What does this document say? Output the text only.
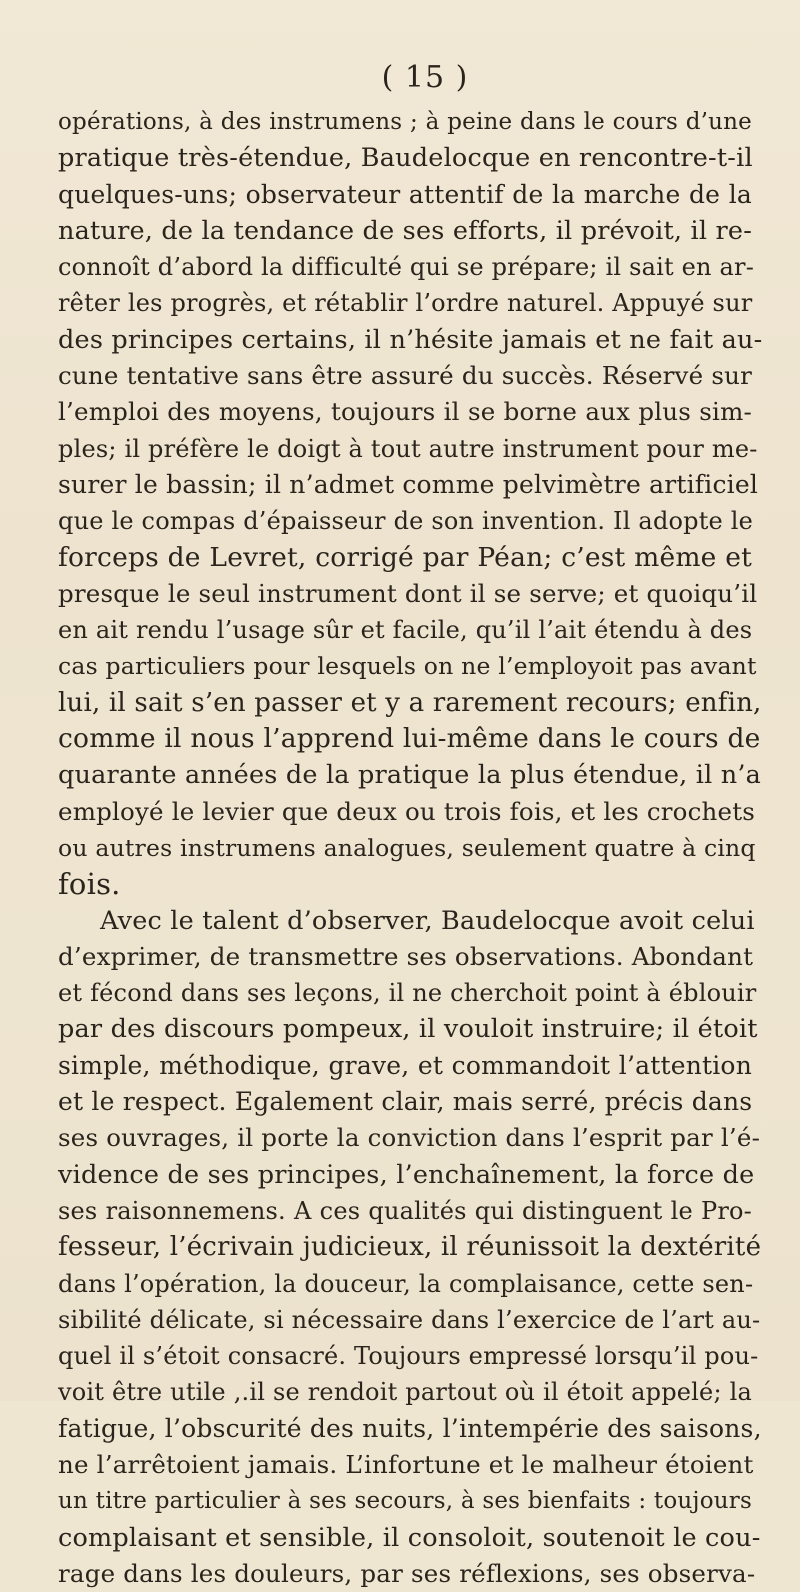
( 15 )
opérations, à des instrumens ; à peine dans le cours d’une
pratique très-étendue, Baudelocque en rencontre-t-il
quelques-uns; observateur attentif de la marche de la
nature, de la tendance de ses efforts, il prévoit, il re-
connoît d’abord la difficulté qui se prépare; il sait en ar-
rêter les progrès, et rétablir l’ordre naturel. Appuyé sur
des principes certains, il n’hésite jamais et ne fait au-
cune tentative sans être assuré du succès. Réservé sur
l’emploi des moyens, toujours il se borne aux plus sim-
ples; il préfère le doigt à tout autre instrument pour me-
surer le bassin; il n’admet comme pelvimètre artificiel
que le compas d’épaisseur de son invention. Il adopte le
forceps de Levret, corrigé par Péan; c’est même et
presque le seul instrument dont il se serve; et quoiqu’il
en ait rendu l’usage sûr et facile, qu’il l’ait étendu à des
cas particuliers pour lesquels on ne l’employoit pas avant
lui, il sait s’en passer et y a rarement recours; enfin,
comme il nous l’apprend lui-même dans le cours de
quarante années de la pratique la plus étendue, il n’a
employé le levier que deux ou trois fois, et les crochets
ou autres instrumens analogues, seulement quatre à cinq
fois.
Avec le talent d’observer, Baudelocque avoit celui
d’exprimer, de transmettre ses observations. Abondant
et fécond dans ses leçons, il ne cherchoit point à éblouir
par des discours pompeux, il vouloit instruire; il étoit
simple, méthodique, grave, et commandoit l’attention
et le respect. Egalement clair, mais serré, précis dans
ses ouvrages, il porte la conviction dans l’esprit par l’é-
vidence de ses principes, l’enchaînement, la force de
ses raisonnemens. A ces qualités qui distinguent le Pro-
fesseur, l’écrivain judicieux, il réunissoit la dextérité
dans l’opération, la douceur, la complaisance, cette sen-
sibilité délicate, si nécessaire dans l’exercice de l’art au-
quel il s’étoit consacré. Toujours empressé lorsqu’il pou-
voit être utile ,.il se rendoit partout où il étoit appelé; la
fatigue, l’obscurité des nuits, l’intempérie des saisons,
ne l’arrêtoient jamais. L’infortune et le malheur étoient
un titre particulier à ses secours, à ses bienfaits : toujours
complaisant et sensible, il consoloit, soutenoit le cou-
rage dans les douleurs, par ses réflexions, ses observa-
